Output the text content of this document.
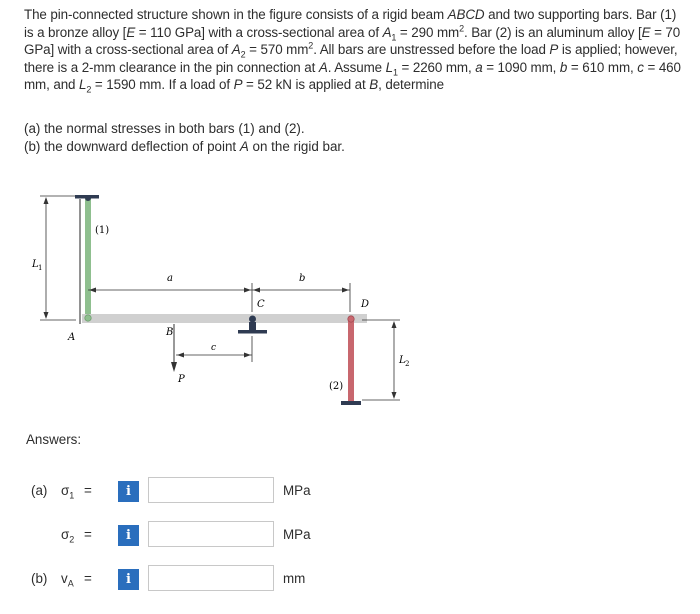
The pin-connected structure shown in the figure consists of a rigid beam ABCD and two supporting bars. Bar (1) is a bronze alloy [E = 110 GPa] with a cross-sectional area of $A_1 = 290$ $mm^2$. Bar (2) is an aluminum alloy [E = 70 GPa] with a cross-sectional area of $A_2 = 570$ $mm^2$. All bars are unstressed before the load P is applied; however, there is a 2-mm clearance in the pin connection at A. Assume $L_1 = 2260$ mm, a = 1090 mm, b = 610 mm, c = 460 mm, and $L_2 = 1590$ mm. If a load of P = 52 kN is applied at B, determine

(a) the normal stresses in both bars (1) and (2).

(b) the downward deflection of point A on the rigid bar.

L 1
(1)
A
a	b
C
B
P
c
D
(2)
L 2
Answers:
(a) $\sigma_1$ =	i	MPa
$\sigma_2$ =	i	MPa
(b) $v_A$ =	i	mm
